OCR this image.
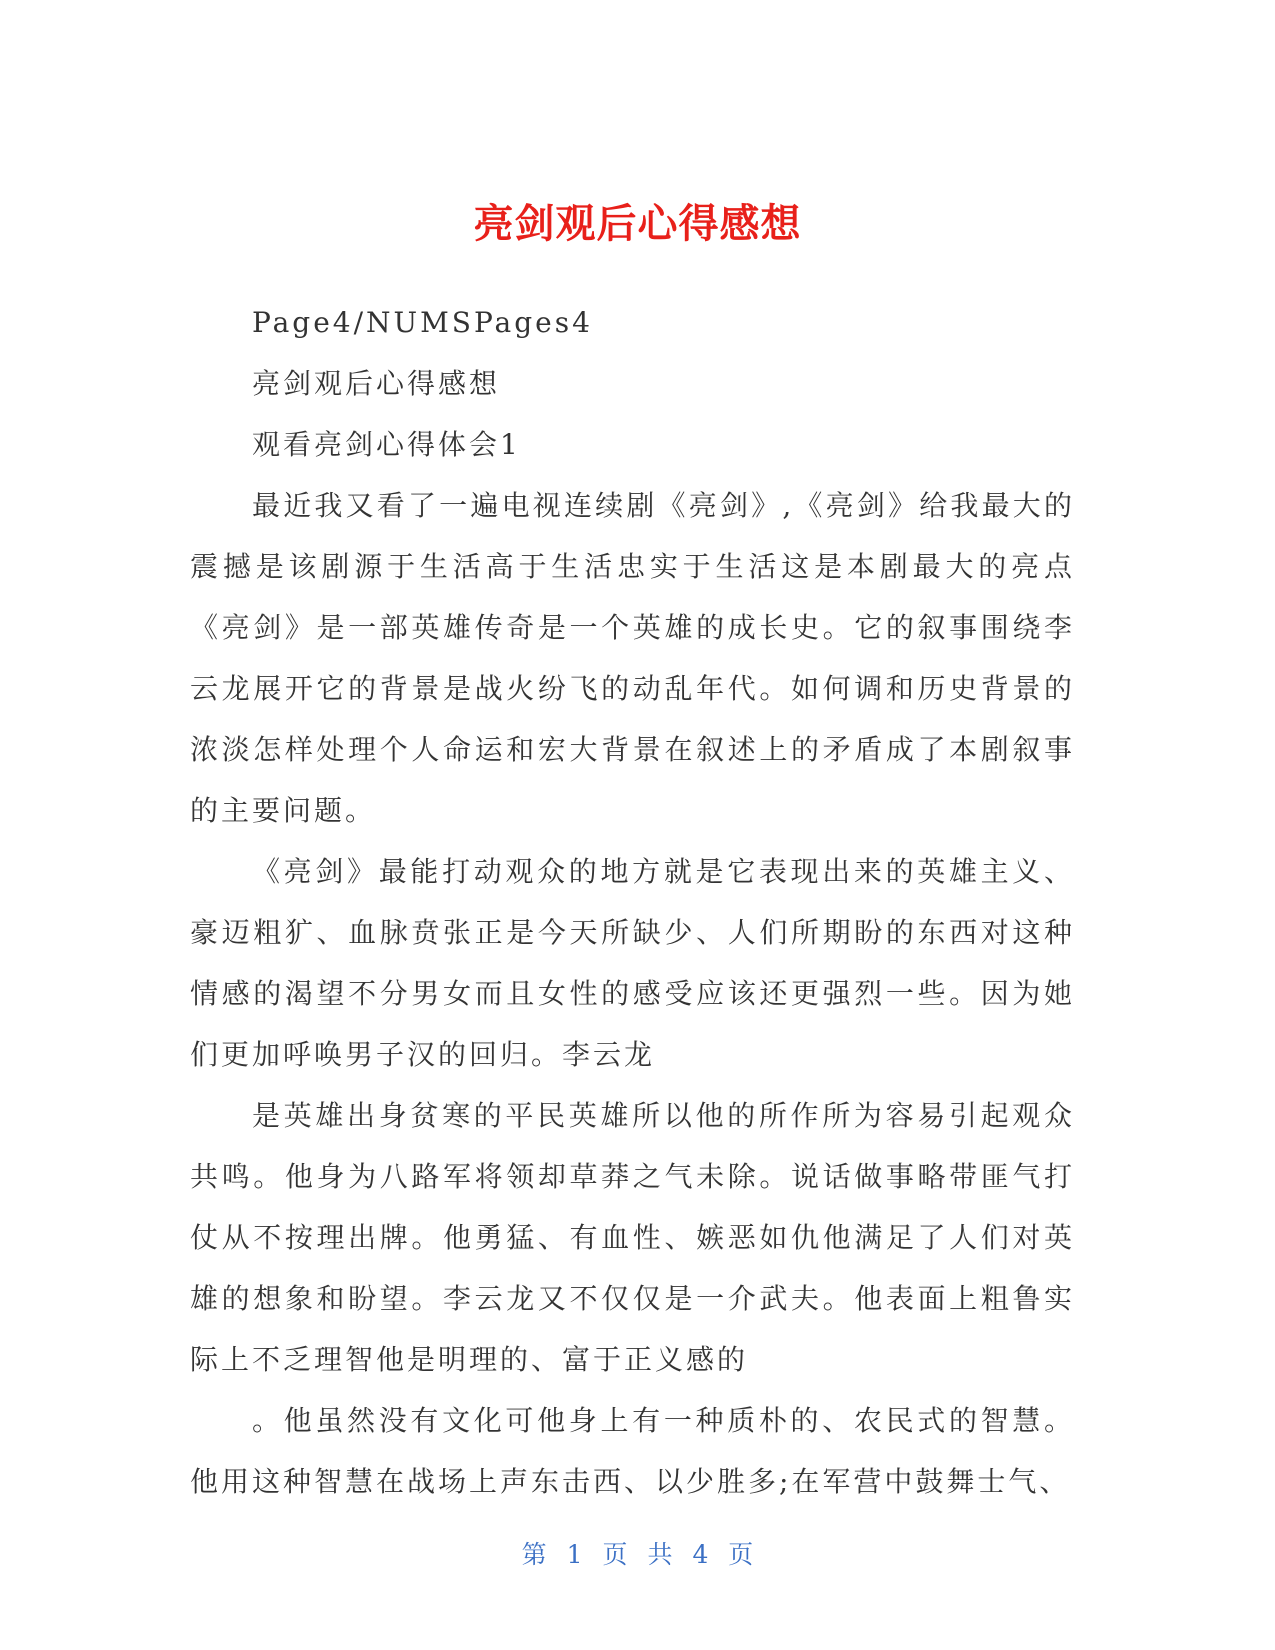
亮剑观后心得感想

Page4/NUMSPages4

亮剑观后心得感想

观看亮剑心得体会1

最近我又看了一遍电视连续剧《亮剑》,《亮剑》给我最大的震撼是该剧源于生活高于生活忠实于生活这是本剧最大的亮点《亮剑》是一部英雄传奇是一个英雄的成长史。它的叙事围绕李云龙展开它的背景是战火纷飞的动乱年代。如何调和历史背景的浓淡怎样处理个人命运和宏大背景在叙述上的矛盾成了本剧叙事的主要问题。

《亮剑》最能打动观众的地方就是它表现出来的英雄主义、豪迈粗犷、血脉贲张正是今天所缺少、人们所期盼的东西对这种情感的渴望不分男女而且女性的感受应该还更强烈一些。因为她们更加呼唤男子汉的回归。李云龙

是英雄出身贫寒的平民英雄所以他的所作所为容易引起观众共鸣。他身为八路军将领却草莽之气未除。说话做事略带匪气打仗从不按理出牌。他勇猛、有血性、嫉恶如仇他满足了人们对英雄的想象和盼望。李云龙又不仅仅是一介武夫。他表面上粗鲁实际上不乏理智他是明理的、富于正义感的

。他虽然没有文化可他身上有一种质朴的、农民式的智慧。他用这种智慧在战场上声东击西、以少胜多;在军营中鼓舞士气、

第 1 页 共 4 页
